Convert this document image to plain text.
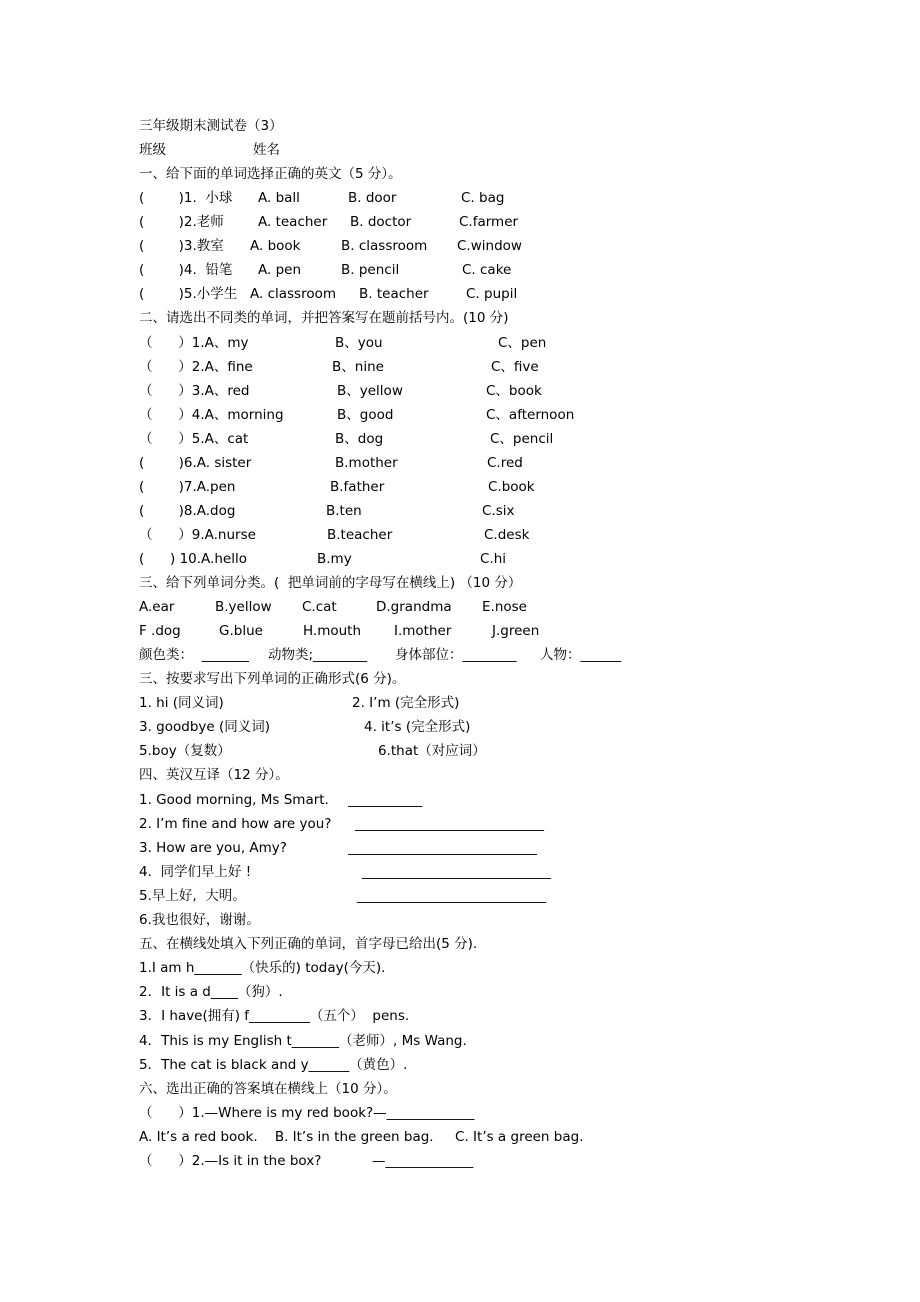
三年级期末测试卷（3）
班级	姓名
一、给下面的单词选择正确的英文（5 分）。
(        )1.  小球 A. ball	B. door	C. bag
(        )2.老师	A. teacher B. doctor	C.farmer
(        )3.教室 A. book	B. classroom C.window
(        )4.  铅笔 A. pen	B. pencil	C. cake
(        )5.小学生 A. classroom B. teacher	C. pupil
二、请选出不同类的单词，并把答案写在题前括号内。(10 分)
（      ）1.A、my	B、you	C、pen
（      ）2.A、fine	B、nine	C、five
（      ）3.A、red	B、yellow	C、book
（      ）4.A、morning	B、good	C、afternoon
（      ）5.A、cat	B、dog	C、pencil
(        )6.A. sister	B.mother	C.red
(        )7.A.pen	B.father	C.book
(        )8.A.dog	B.ten	C.six
（      ）9.A.nurse	B.teacher	C.desk
(      ) 10.A.hello	B.my	C.hi
三、给下列单词分类。(  把单词前的字母写在横线上) （10 分）
A.ear	B.yellow C.cat	D.grandma E.nose
F .dog	G.blue	H.mouth I.mother	J.green
颜色类：  _______ 动物类;________ 身体部位：________ 人物：______
三、按要求写出下列单词的正确形式(6 分)。
1. hi (同义词)	2. I’m (完全形式)
3. goodbye (同义词)	4. it’s (完全形式)
5.boy（复数）	6.that（对应词）
四、英汉互译（12 分）。
1. Good morning, Ms Smart. ___________
2. I’m fine and how are you? ____________________________
3. How are you, Amy?	____________________________
4.  同学们早上好 !	____________________________
5.早上好,  大明。	____________________________
6.我也很好，谢谢。
五、在横线处填入下列正确的单词，首字母已给出(5 分).
1.I am h_______（快乐的) today(今天).
2．It is a d____（狗）.
3．I have(拥有) f_________（五个）  pens.
4．This is my English t_______（老师）, Ms Wang.
5．The cat is black and y______（黄色）.
六、选出正确的答案填在横线上（10 分）。
（      ）1.—Where is my red book?—_____________
A. It’s a red book.    B. It’s in the green bag.     C. It’s a green bag.
（      ）2.—Is it in the box?	—_____________
